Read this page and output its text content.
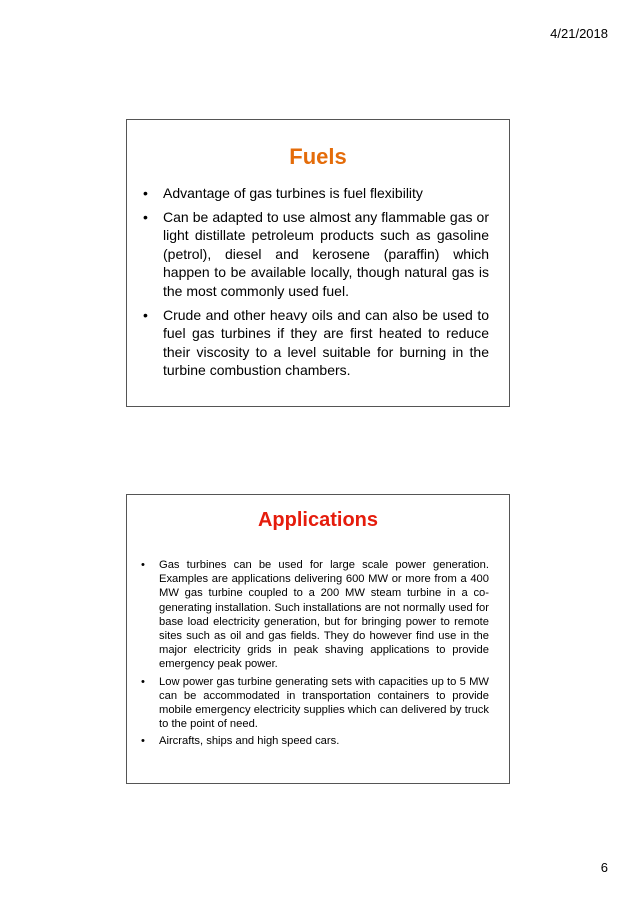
4/21/2018
Fuels
• Advantage of gas turbines is fuel flexibility
• Can be adapted to use almost any flammable gas or light distillate petroleum products such as gasoline (petrol), diesel and kerosene (paraffin) which happen to be available locally, though natural gas is the most commonly used fuel.
• Crude and other heavy oils and can also be used to fuel gas turbines if they are first heated to reduce their viscosity to a level suitable for burning in the turbine combustion chambers.
Applications
• Gas turbines can be used for large scale power generation. Examples are applications delivering 600 MW or more from a 400 MW gas turbine coupled to a 200 MW steam turbine in a co-generating installation. Such installations are not normally used for base load electricity generation, but for bringing power to remote sites such as oil and gas fields. They do however find use in the major electricity grids in peak shaving applications to provide emergency peak power.
• Low power gas turbine generating sets with capacities up to 5 MW can be accommodated in transportation containers to provide mobile emergency electricity supplies which can delivered by truck to the point of need.
• Aircrafts, ships and high speed cars.
6
